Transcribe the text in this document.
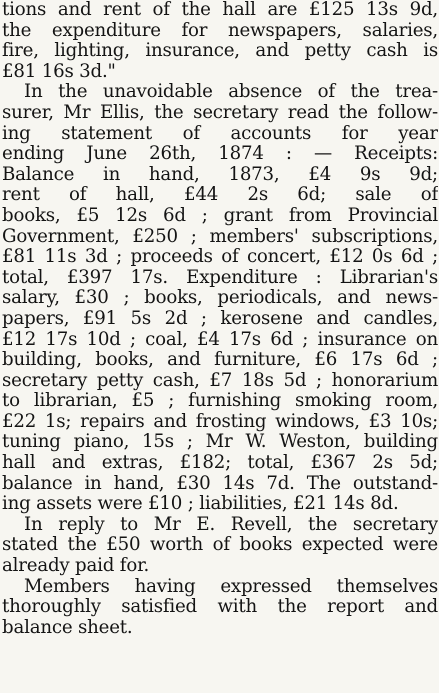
tions and rent of the hall are £125 13s 9d,
the expenditure for newspapers, salaries,
fire, lighting, insurance, and petty cash is
£81 16s 3d."
In the unavoidable absence of the trea-
surer, Mr Ellis, the secretary read the follow-
ing statement of accounts for year
ending June 26th, 1874 : — Receipts:
Balance in hand, 1873, £4 9s 9d;
rent of hall, £44 2s 6d; sale of
books, £5 12s 6d ; grant from Provincial
Government, £250 ; members' subscriptions,
£81 11s 3d ; proceeds of concert, £12 0s 6d ;
total, £397 17s. Expenditure : Librarian's
salary, £30 ; books, periodicals, and news-
papers, £91 5s 2d ; kerosene and candles,
£12 17s 10d ; coal, £4 17s 6d ; insurance on
building, books, and furniture, £6 17s 6d ;
secretary petty cash, £7 18s 5d ; honorarium
to librarian, £5 ; furnishing smoking room,
£22 1s; repairs and frosting windows, £3 10s;
tuning piano, 15s ; Mr W. Weston, building
hall and extras, £182; total, £367 2s 5d;
balance in hand, £30 14s 7d. The outstand-
ing assets were £10 ; liabilities, £21 14s 8d.
In reply to Mr E. Revell, the secretary
stated the £50 worth of books expected were
already paid for.
Members having expressed themselves
thoroughly satisfied with the report and
balance sheet.
